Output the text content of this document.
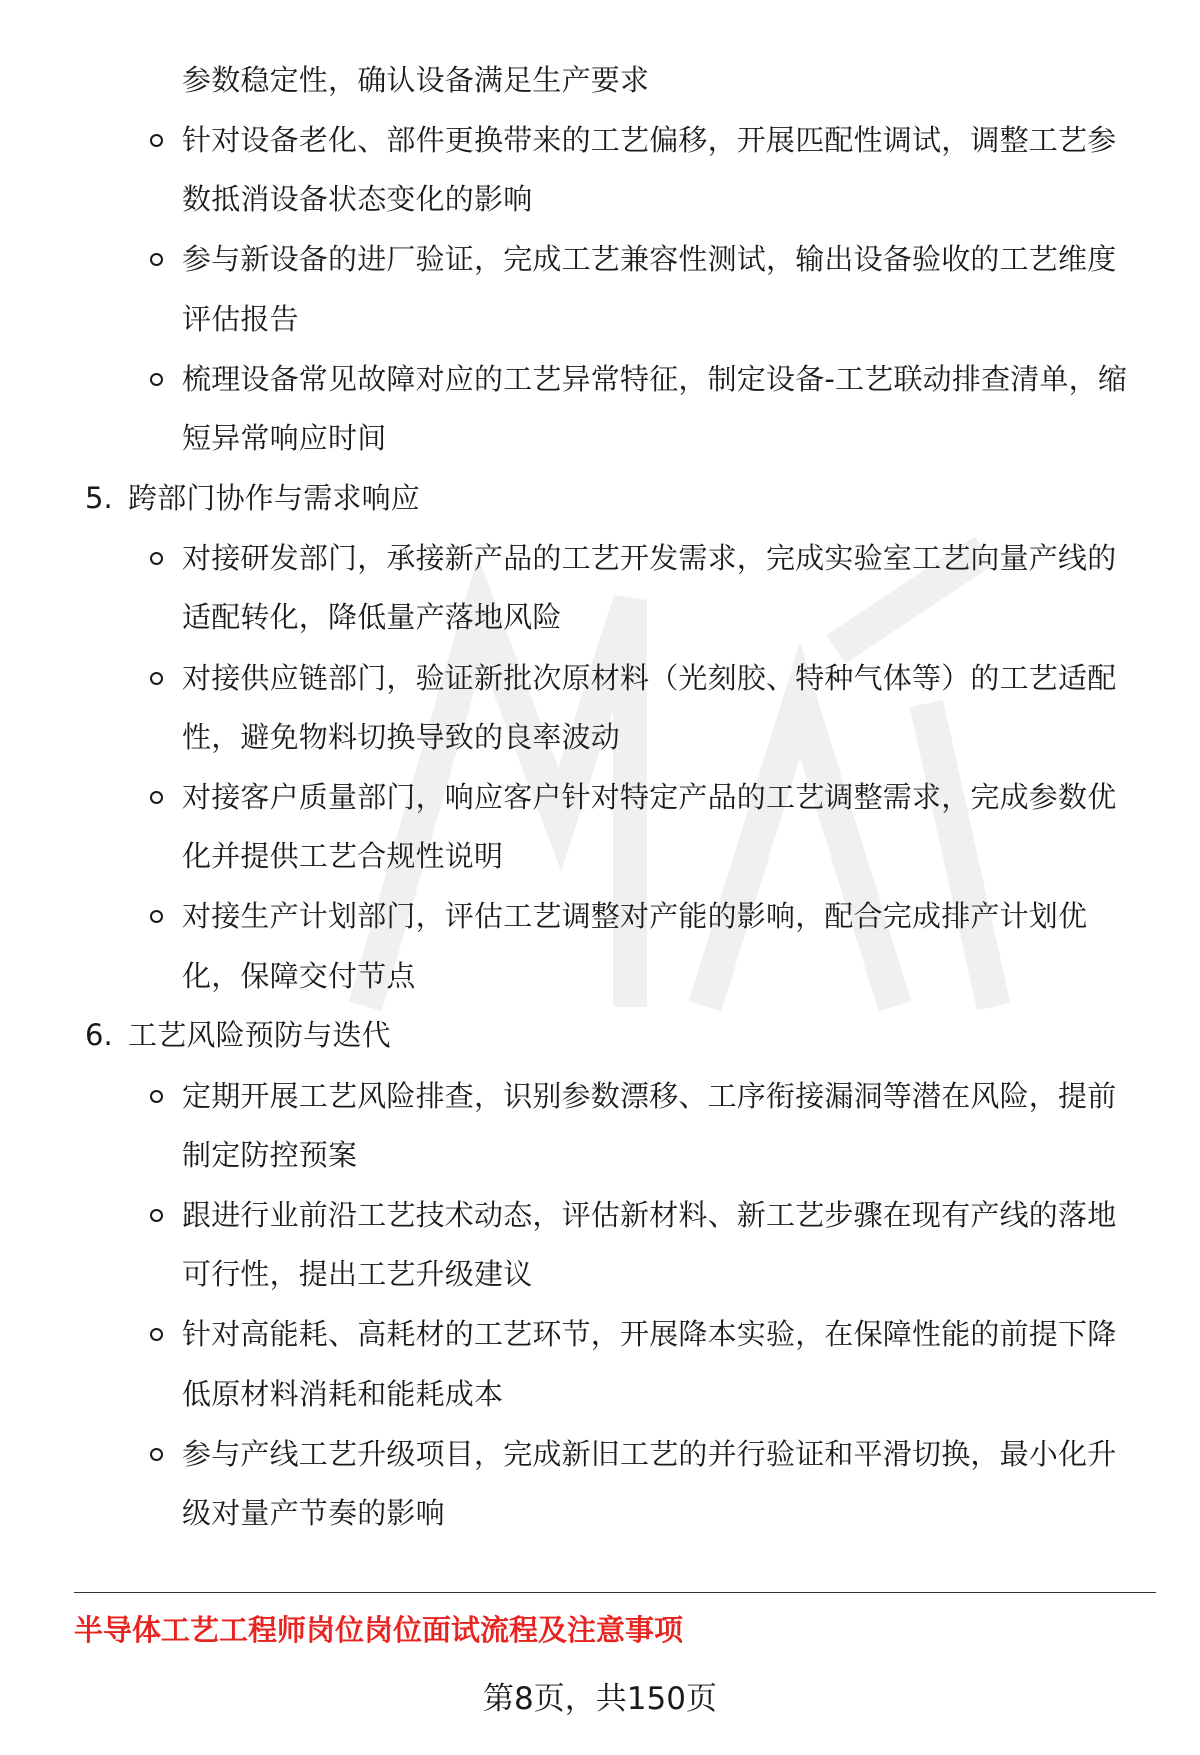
参数稳定性，确认设备满足生产要求
针对设备老化、部件更换带来的工艺偏移，开展匹配性调试，调整工艺参
数抵消设备状态变化的影响
参与新设备的进厂验证，完成工艺兼容性测试，输出设备验收的工艺维度
评估报告
梳理设备常见故障对应的工艺异常特征，制定设备-工艺联动排查清单，缩
短异常响应时间
5. 跨部门协作与需求响应
对接研发部门，承接新产品的工艺开发需求，完成实验室工艺向量产线的
适配转化，降低量产落地风险
对接供应链部门，验证新批次原材料（光刻胶、特种气体等）的工艺适配
性，避免物料切换导致的良率波动
对接客户质量部门，响应客户针对特定产品的工艺调整需求，完成参数优
化并提供工艺合规性说明
对接生产计划部门，评估工艺调整对产能的影响，配合完成排产计划优
化，保障交付节点
6. 工艺风险预防与迭代
定期开展工艺风险排查，识别参数漂移、工序衔接漏洞等潜在风险，提前
制定防控预案
跟进行业前沿工艺技术动态，评估新材料、新工艺步骤在现有产线的落地
可行性，提出工艺升级建议
针对高能耗、高耗材的工艺环节，开展降本实验，在保障性能的前提下降
低原材料消耗和能耗成本
参与产线工艺升级项目，完成新旧工艺的并行验证和平滑切换，最小化升
级对量产节奏的影响
半导体工艺工程师岗位岗位面试流程及注意事项
第8页，共150页
